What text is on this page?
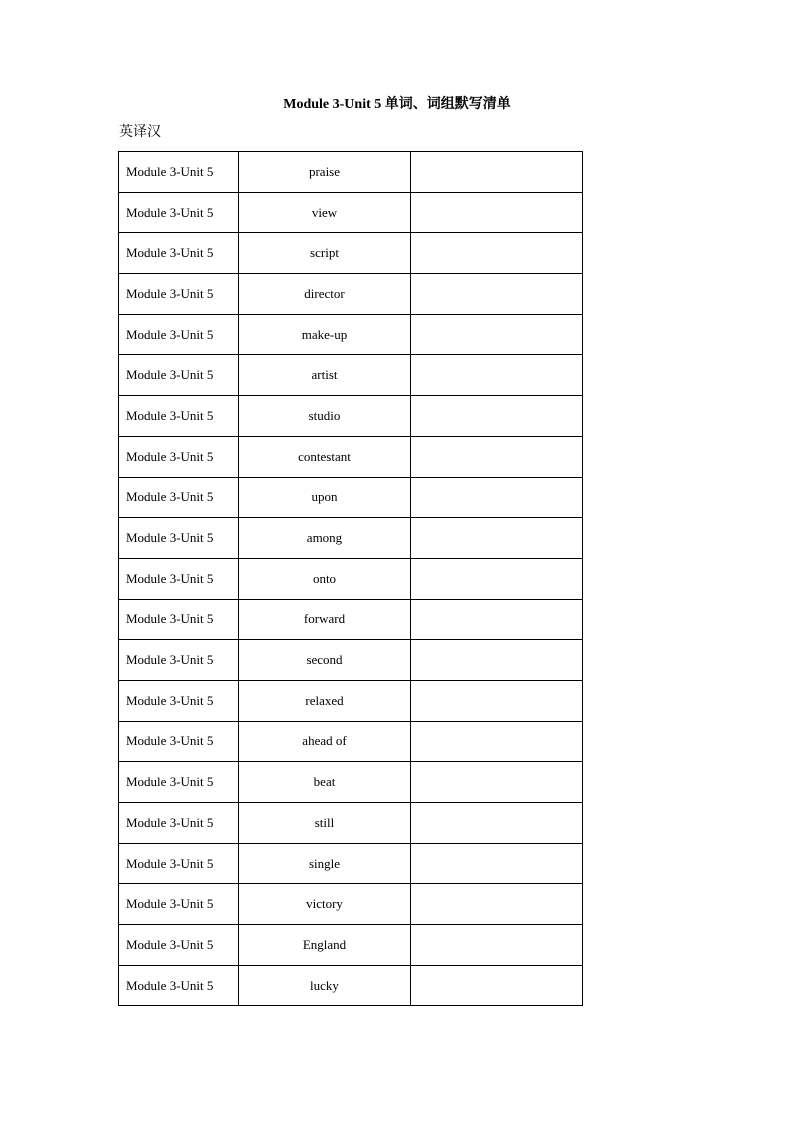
Module 3-Unit 5 单词、词组默写清单
英译汉
Module 3-Unit 5	praise	
Module 3-Unit 5	view	
Module 3-Unit 5	script	
Module 3-Unit 5	director	
Module 3-Unit 5	make-up	
Module 3-Unit 5	artist	
Module 3-Unit 5	studio	
Module 3-Unit 5	contestant	
Module 3-Unit 5	upon	
Module 3-Unit 5	among	
Module 3-Unit 5	onto	
Module 3-Unit 5	forward	
Module 3-Unit 5	second	
Module 3-Unit 5	relaxed	
Module 3-Unit 5	ahead of	
Module 3-Unit 5	beat	
Module 3-Unit 5	still	
Module 3-Unit 5	single	
Module 3-Unit 5	victory	
Module 3-Unit 5	England	
Module 3-Unit 5	lucky	
